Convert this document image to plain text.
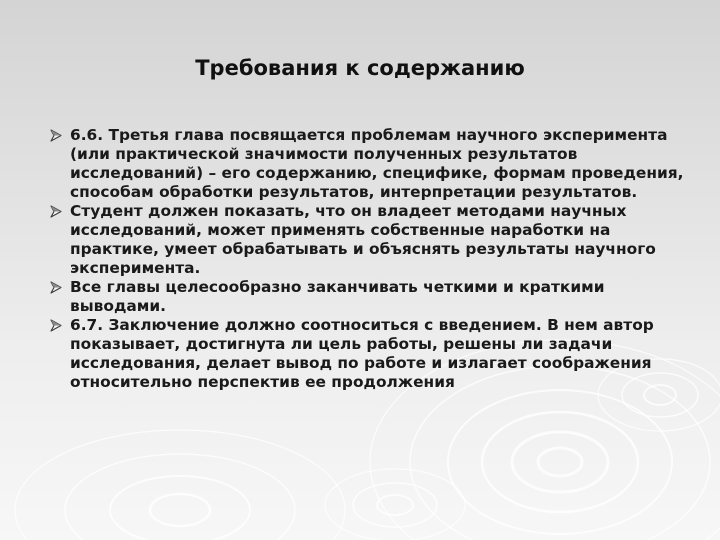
Требования к содержанию
6.6. Третья глава посвящается проблемам научного эксперимента (или практической значимости полученных результатов исследований) – его содержанию, специфике, формам проведения, способам обработки результатов, интерпретации результатов.
Студент должен показать, что он владеет методами научных исследований, может применять собственные наработки на практике, умеет обрабатывать и объяснять результаты научного эксперимента.
Все главы целесообразно заканчивать четкими и краткими выводами.
6.7. Заключение должно соотноситься с введением. В нем автор показывает, достигнута ли цель работы, решены ли задачи исследования, делает вывод по работе и излагает соображения относительно перспектив ее продолжения
